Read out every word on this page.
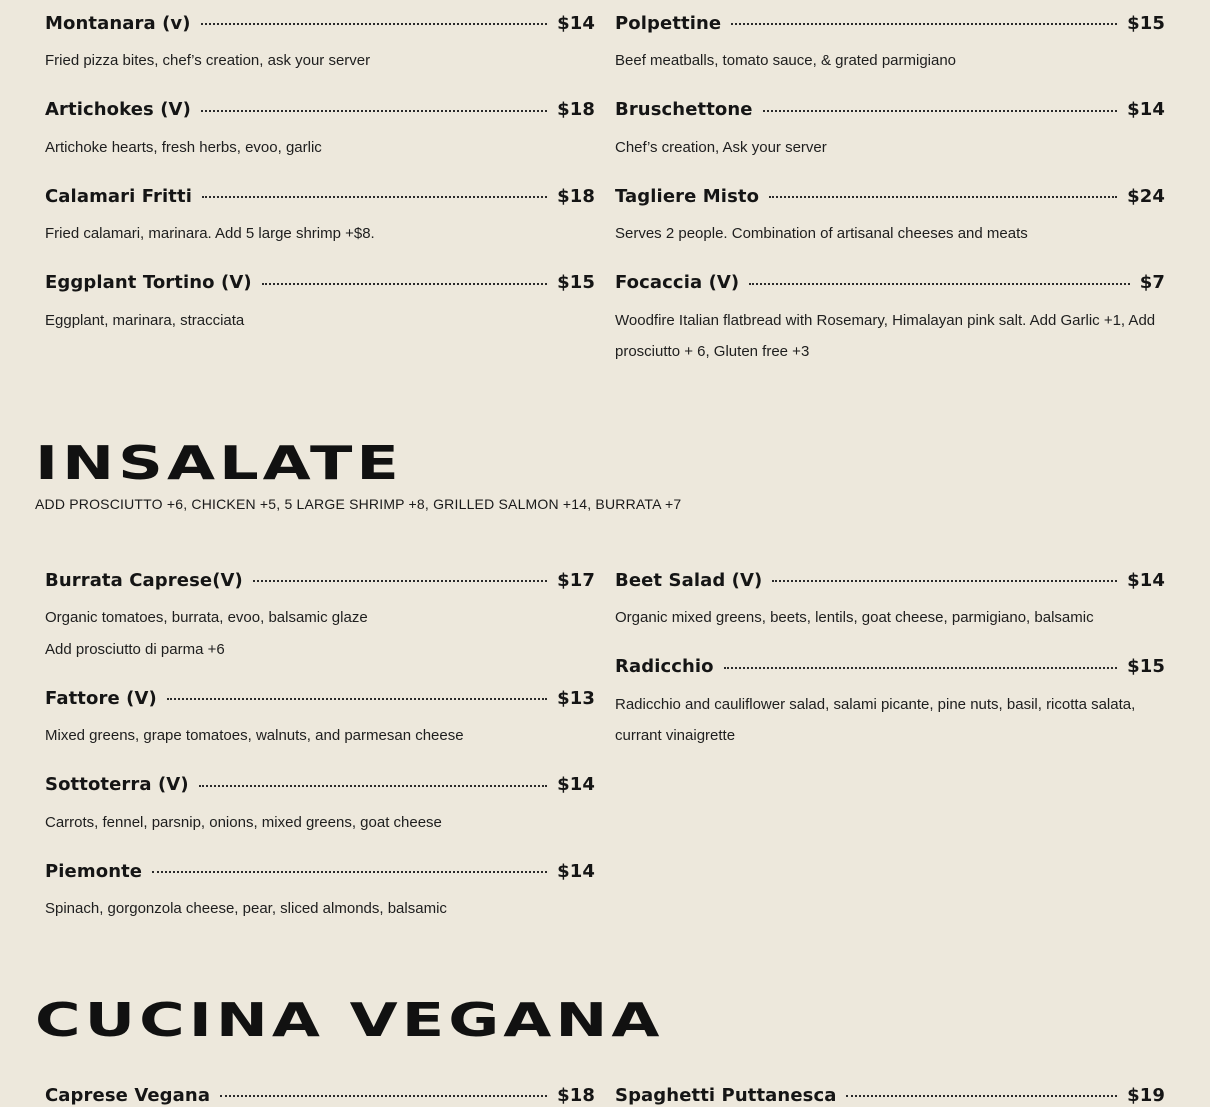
Montanara (v)	$14
Fried pizza bites, chef’s creation, ask your server
Artichokes (V)	$18
Artichoke hearts, fresh herbs, evoo, garlic
Calamari Fritti	$18
Fried calamari, marinara. Add 5 large shrimp +$8.
Eggplant Tortino (V)	$15
Eggplant, marinara, stracciata
Polpettine	$15
Beef meatballs, tomato sauce, & grated parmigiano
Bruschettone	$14
Chef’s creation, Ask your server
Tagliere Misto	$24
Serves 2 people. Combination of artisanal cheeses and meats
Focaccia (V)	$7
Woodfire Italian flatbread with Rosemary, Himalayan pink salt. Add Garlic +1, Add prosciutto + 6, Gluten free +3
INSALATE
ADD PROSCIUTTO +6, CHICKEN +5, 5 LARGE SHRIMP +8, GRILLED SALMON +14, BURRATA +7
Burrata Caprese(V)	$17
Organic tomatoes, burrata, evoo, balsamic glaze
Add prosciutto di parma +6
Fattore (V)	$13
Mixed greens, grape tomatoes, walnuts, and parmesan cheese
Sottoterra (V)	$14
Carrots, fennel, parsnip, onions, mixed greens, goat cheese
Piemonte	$14
Spinach, gorgonzola cheese, pear, sliced almonds, balsamic
Beet Salad (V)	$14
Organic mixed greens, beets, lentils, goat cheese, parmigiano, balsamic
Radicchio	$15
Radicchio and cauliflower salad, salami picante, pine nuts, basil, ricotta salata, currant vinaigrette
CUCINA VEGANA
Caprese Vegana	$18 Spaghetti Puttanesca	$19
